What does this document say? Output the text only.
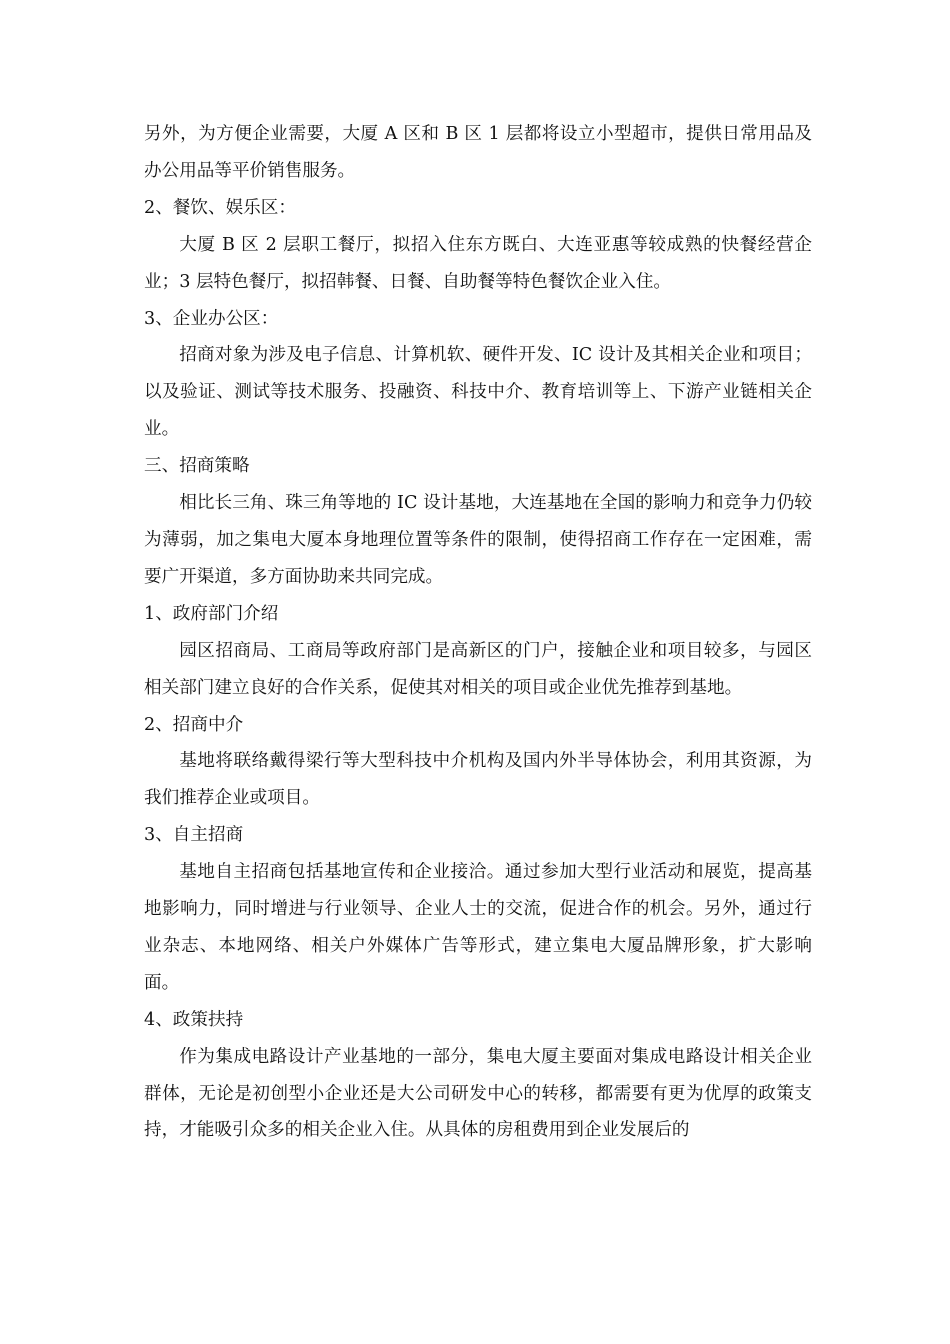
另外，为方便企业需要，大厦 A 区和 B 区 1 层都将设立小型超市，提供日常用品及办公用品等平价销售服务。

2、餐饮、娱乐区：

大厦 B 区 2 层职工餐厅，拟招入住东方既白、大连亚惠等较成熟的快餐经营企业；3 层特色餐厅，拟招韩餐、日餐、自助餐等特色餐饮企业入住。

3、企业办公区：

招商对象为涉及电子信息、计算机软、硬件开发、IC 设计及其相关企业和项目；以及验证、测试等技术服务、投融资、科技中介、教育培训等上、下游产业链相关企业。

三、招商策略

相比长三角、珠三角等地的 IC 设计基地，大连基地在全国的影响力和竞争力仍较为薄弱，加之集电大厦本身地理位置等条件的限制，使得招商工作存在一定困难，需要广开渠道，多方面协助来共同完成。

1、政府部门介绍

园区招商局、工商局等政府部门是高新区的门户，接触企业和项目较多，与园区相关部门建立良好的合作关系，促使其对相关的项目或企业优先推荐到基地。

2、招商中介

基地将联络戴得梁行等大型科技中介机构及国内外半导体协会，利用其资源，为我们推荐企业或项目。

3、自主招商

基地自主招商包括基地宣传和企业接洽。通过参加大型行业活动和展览，提高基地影响力，同时增进与行业领导、企业人士的交流，促进合作的机会。另外，通过行业杂志、本地网络、相关户外媒体广告等形式，建立集电大厦品牌形象，扩大影响面。

4、政策扶持

作为集成电路设计产业基地的一部分，集电大厦主要面对集成电路设计相关企业群体，无论是初创型小企业还是大公司研发中心的转移，都需要有更为优厚的政策支持，才能吸引众多的相关企业入住。从具体的房租费用到企业发展后的
